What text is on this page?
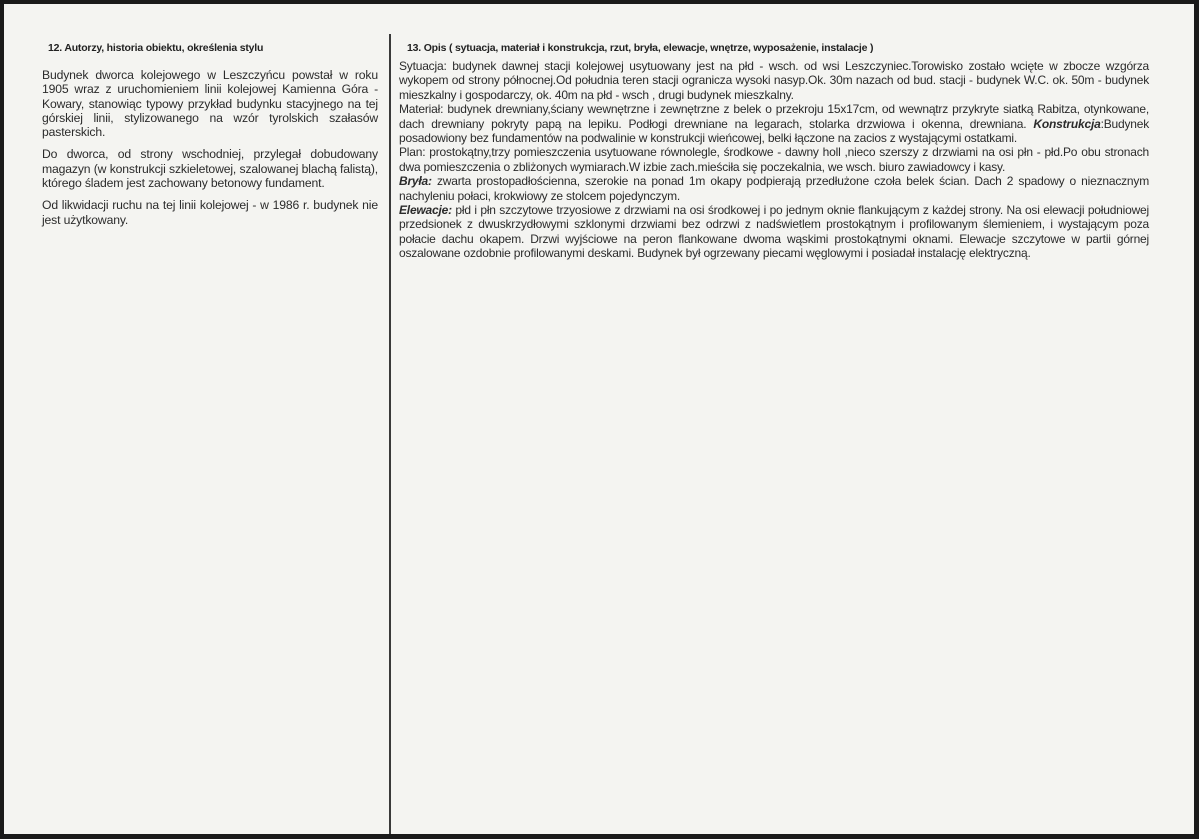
12. Autorzy, historia obiektu, określenia stylu

Budynek dworca kolejowego w Leszczyńcu powstał w roku 1905 wraz z uruchomieniem linii kolejowej Kamienna Góra - Kowary, stanowiąc typowy przykład budynku stacyjnego na tej górskiej linii, stylizowanego na wzór tyrolskich szałasów pasterskich.

Do dworca, od strony wschodniej, przylegał dobudowany magazyn (w konstrukcji szkieletowej, szalowanej blachą falistą), którego śladem jest zachowany betonowy fundament.

Od likwidacji ruchu na tej linii kolejowej - w 1986 r. budynek nie jest użytkowany.

13. Opis ( sytuacja, materiał i konstrukcja, rzut, bryła, elewacje, wnętrze, wyposażenie, instalacje )

Sytuacja: budynek dawnej stacji kolejowej usytuowany jest na płd - wsch. od wsi Leszczyniec.Torowisko zostało wcięte w zbocze wzgórza wykopem od strony północnej.Od południa teren stacji ogranicza wysoki nasyp.Ok. 30m nazach od bud. stacji - budynek W.C. ok. 50m - budynek mieszkalny i gospodarczy, ok. 40m na płd - wsch , drugi budynek mieszkalny.
Materiał: budynek drewniany,ściany wewnętrzne i zewnętrzne z belek o przekroju 15x17cm, od wewnątrz przykryte siatką Rabitza, otynkowane, dach drewniany pokryty papą na lepiku. Podłogi drewniane na legarach, stolarka drzwiowa i okenna, drewniana. Konstrukcja:Budynek posadowiony bez fundamentów na podwalinie w konstrukcji wieńcowej, belki łączone na zacios z wystającymi ostatkami.
Plan: prostokątny,trzy pomieszczenia usytuowane równolegle, środkowe - dawny holl ,nieco szerszy z drzwiami na osi płn - płd.Po obu stronach dwa pomieszczenia o zbliżonych wymiarach.W izbie zach.mieściła się poczekalnia, we wsch. biuro zawiadowcy i kasy.
Bryła: zwarta prostopadłościenna, szerokie na ponad 1m okapy podpierają przedłużone czoła belek ścian. Dach 2 spadowy o nieznacznym nachyleniu połaci, krokwiowy ze stolcem pojedynczym.
Elewacje: płd i płn szczytowe trzyosiowe z drzwiami na osi środkowej i po jednym oknie flankującym z każdej strony. Na osi elewacji południowej przedsionek z dwuskrzydłowymi szklonymi drzwiami bez odrzwi z nadświetlem prostokątnym i profilowanym ślemieniem, i wystającym poza połacie dachu okapem. Drzwi wyjściowe na peron flankowane dwoma wąskimi prostokątnymi oknami. Elewacje szczytowe w partii górnej oszalowane ozdobnie profilowanymi deskami. Budynek był ogrzewany piecami węglowymi i posiadał instalację elektryczną.
